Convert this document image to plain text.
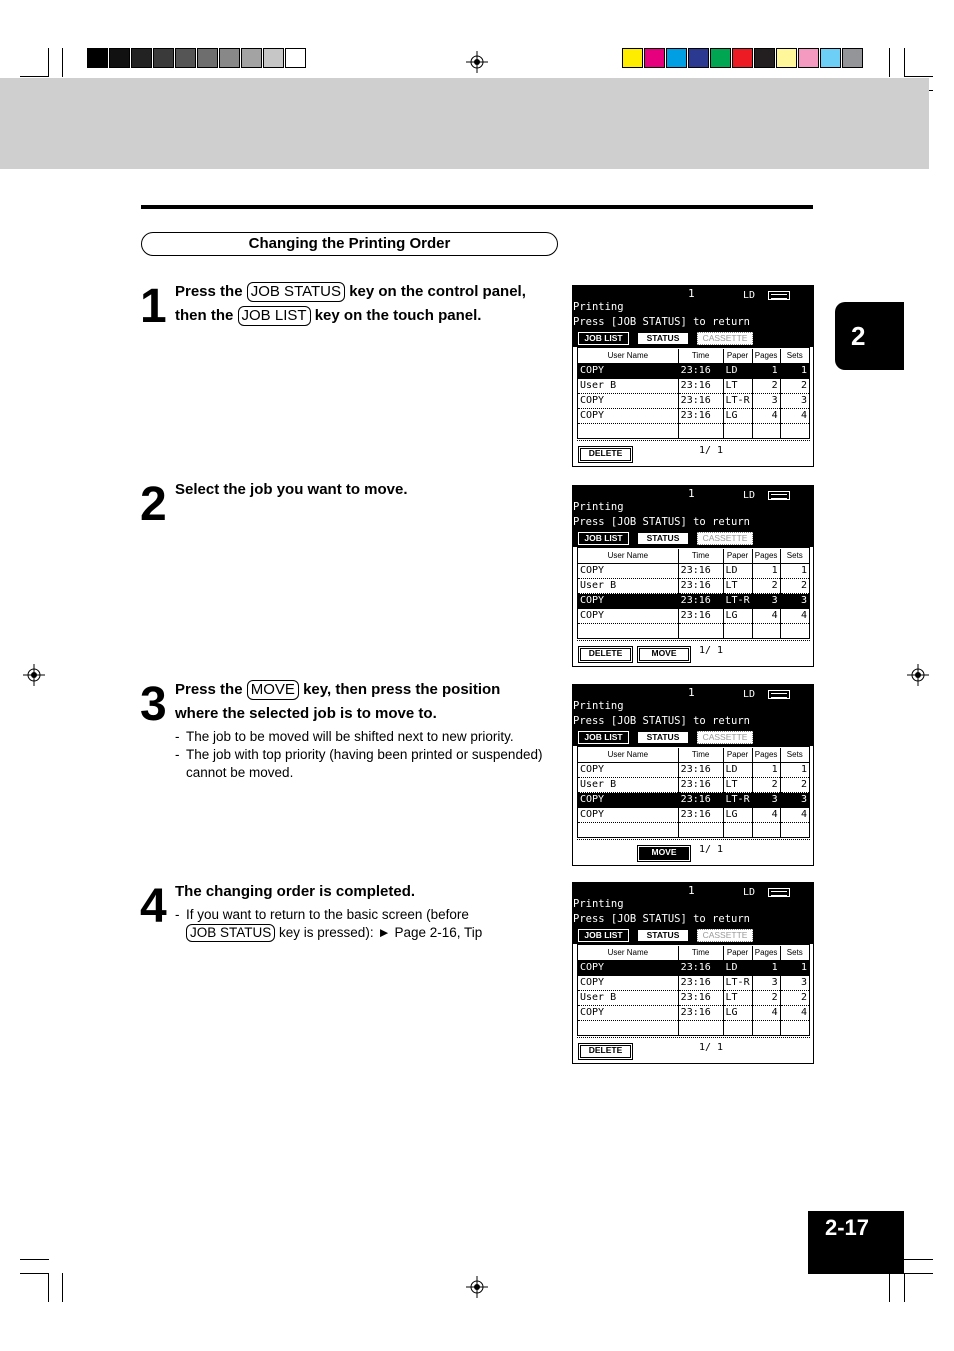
Changing the Printing Order
2
2-17
1 Press the JOB STATUS key on the control panel,
then the JOB LIST key on the touch panel.
2 Select the job you want to move.
3 Press the MOVE key, then press the position
where the selected job is to move to.
- The job to be moved will be shifted next to new priority.
- The job with top priority (having been printed or suspended)
cannot be moved.
4 The changing order is completed.
- If you want to return to the basic screen (before
JOB STATUS key is pressed): ► Page 2-16, Tip
1	LD
Printing
Press [JOB STATUS] to return
JOB LIST	STATUS	CASSETTE
User Name	Time	Paper	Pages	Sets
COPY	23:16	LD	1	1
User B	23:16	LT	2	2
COPY	23:16	LT-R	3	3
COPY	23:16	LG	4	4

1/ 1
DELETE
1	LD
Printing
Press [JOB STATUS] to return
JOB LIST	STATUS	CASSETTE
User Name	Time	Paper	Pages	Sets
COPY	23:16	LD	1	1
User B	23:16	LT	2	2
COPY	23:16	LT-R	3	3
COPY	23:16	LG	4	4

1/ 1
DELETE	MOVE
1	LD
Printing
Press [JOB STATUS] to return
JOB LIST	STATUS	CASSETTE
User Name	Time	Paper	Pages	Sets
COPY	23:16	LD	1	1
User B	23:16	LT	2	2
COPY	23:16	LT-R	3	3
COPY	23:16	LG	4	4

1/ 1
MOVE
1	LD
Printing
Press [JOB STATUS] to return
JOB LIST	STATUS	CASSETTE
User Name	Time	Paper	Pages	Sets
COPY	23:16	LD	1	1
COPY	23:16	LT-R	3	3
User B	23:16	LT	2	2
COPY	23:16	LG	4	4

1/ 1
DELETE
